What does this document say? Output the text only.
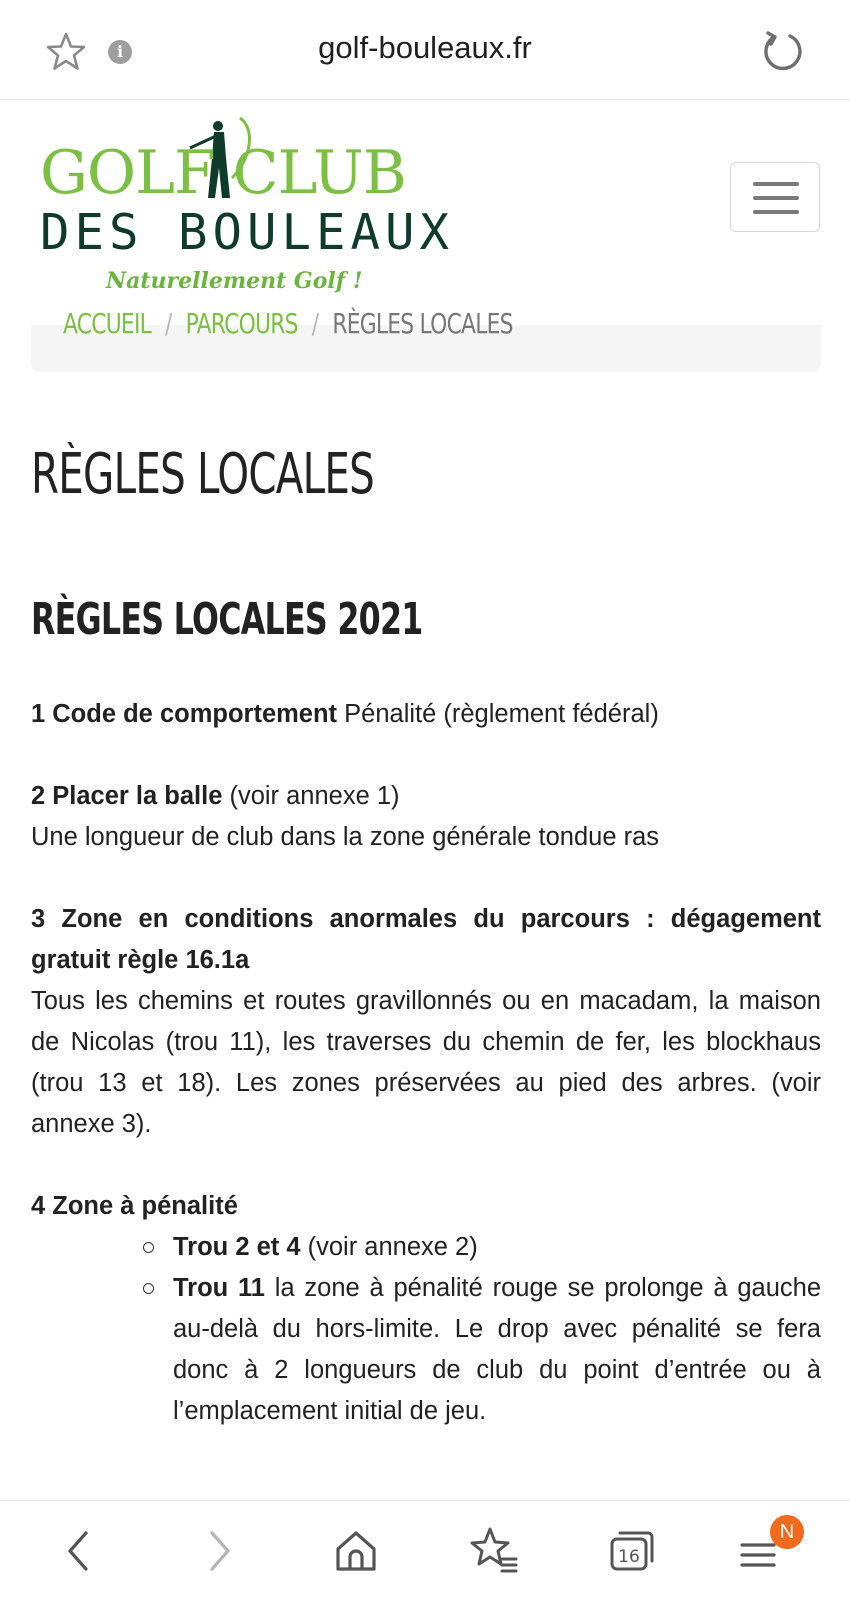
i	golf-bouleaux.fr
GOLF CLUB
DES BOULEAUX
Naturellement Golf !
ACCUEIL / PARCOURS / RÈGLES LOCALES
RÈGLES LOCALES
RÈGLES LOCALES 2021

1 Code de comportement Pénalité (règlement fédéral)

2 Placer la balle (voir annexe 1)

Une longueur de club dans la zone générale tondue ras

3 Zone en conditions anormales du parcours : dégagement gratuit règle 16.1a

Tous les chemins et routes gravillonnés ou en macadam, la maison de Nicolas (trou 11), les traverses du chemin de fer, les blockhaus (trou 13 et 18). Les zones préservées au pied des arbres. (voir annexe 3).

4 Zone à pénalité

Trou 2 et 4 (voir annexe 2)
Trou 11 la zone à pénalité rouge se prolonge à gauche au-delà du hors-limite. Le drop avec pénalité se fera donc à 2 longueurs de club du point d’entrée ou à l’emplacement initial de jeu.
16
N
